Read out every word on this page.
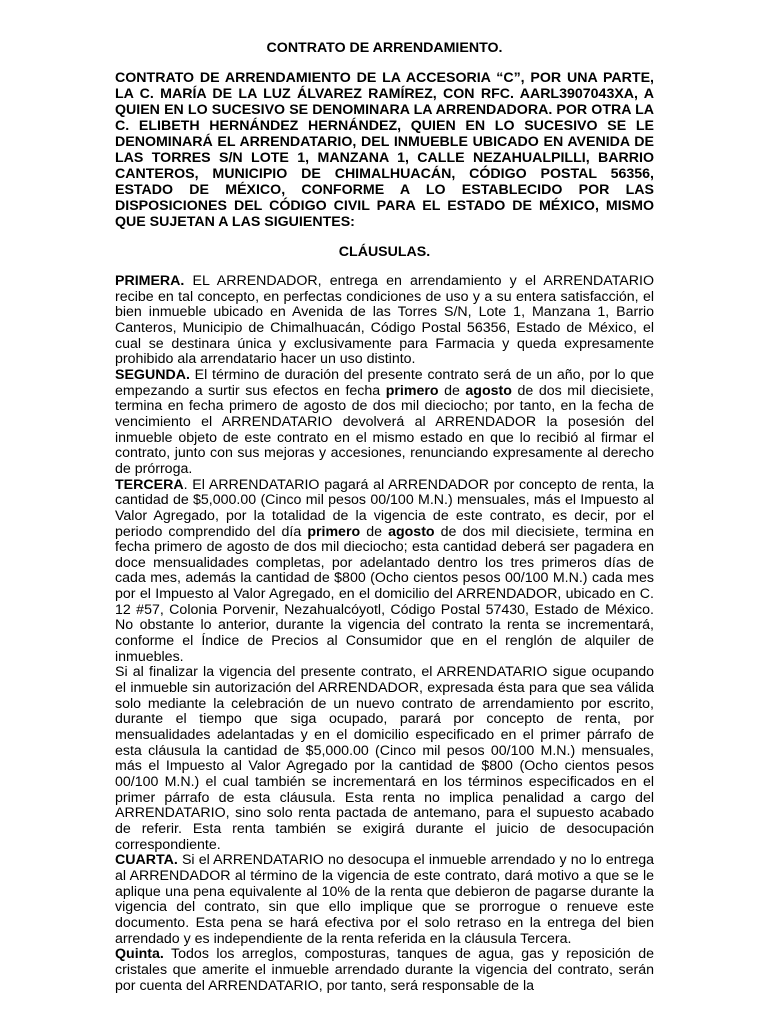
CONTRATO DE ARRENDAMIENTO.

CONTRATO DE ARRENDAMIENTO DE LA ACCESORIA “C”, POR UNA PARTE, LA C. MARÍA DE LA LUZ ÁLVAREZ RAMÍREZ, CON RFC. AARL3907043XA, A QUIEN EN LO SUCESIVO SE DENOMINARA LA ARRENDADORA. POR OTRA LA C. ELIBETH HERNÁNDEZ HERNÁNDEZ, QUIEN EN LO SUCESIVO SE LE DENOMINARÁ EL ARRENDATARIO, DEL INMUEBLE UBICADO EN AVENIDA DE LAS TORRES S/N LOTE 1, MANZANA 1, CALLE NEZAHUALPILLI, BARRIO CANTEROS, MUNICIPIO DE CHIMALHUACÁN, CÓDIGO POSTAL 56356, ESTADO DE MÉXICO, CONFORME A LO ESTABLECIDO POR LAS DISPOSICIONES DEL CÓDIGO CIVIL PARA EL ESTADO DE MÉXICO, MISMO QUE SUJETAN A LAS SIGUIENTES:
CLÁUSULAS.

PRIMERA. EL ARRENDADOR, entrega en arrendamiento y el ARRENDATARIO recibe en tal concepto, en perfectas condiciones de uso y a su entera satisfacción, el bien inmueble ubicado en Avenida de las Torres S/N, Lote 1, Manzana 1, Barrio Canteros, Municipio de Chimalhuacán, Código Postal 56356, Estado de México, el cual se destinara única y exclusivamente para Farmacia y queda expresamente prohibido ala arrendatario hacer un uso distinto.

SEGUNDA. El término de duración del presente contrato será de un año, por lo que empezando a surtir sus efectos en fecha primero de agosto de dos mil diecisiete, termina en fecha primero de agosto de dos mil dieciocho; por tanto, en la fecha de vencimiento el ARRENDATARIO devolverá al ARRENDADOR la posesión del inmueble objeto de este contrato en el mismo estado en que lo recibió al firmar el contrato, junto con sus mejoras y accesiones, renunciando expresamente al derecho de prórroga.

TERCERA. El ARRENDATARIO pagará al ARRENDADOR por concepto de renta, la cantidad de $5,000.00 (Cinco mil pesos 00/100 M.N.) mensuales, más el Impuesto al Valor Agregado, por la totalidad de la vigencia de este contrato, es decir, por el periodo comprendido del día primero de agosto de dos mil diecisiete, termina en fecha primero de agosto de dos mil dieciocho; esta cantidad deberá ser pagadera en doce mensualidades completas, por adelantado dentro los tres primeros días de cada mes, además la cantidad de $800 (Ocho cientos pesos 00/100 M.N.) cada mes por el Impuesto al Valor Agregado, en el domicilio del ARRENDADOR, ubicado en C. 12 #57, Colonia Porvenir, Nezahualcóyotl, Código Postal 57430, Estado de México. No obstante lo anterior, durante la vigencia del contrato la renta se incrementará, conforme el Índice de Precios al Consumidor que en el renglón de alquiler de inmuebles.

Si al finalizar la vigencia del presente contrato, el ARRENDATARIO sigue ocupando el inmueble sin autorización del ARRENDADOR, expresada ésta para que sea válida solo mediante la celebración de un nuevo contrato de arrendamiento por escrito, durante el tiempo que siga ocupado, parará por concepto de renta, por mensualidades adelantadas y en el domicilio especificado en el primer párrafo de esta cláusula la cantidad de $5,000.00 (Cinco mil pesos 00/100 M.N.) mensuales, más el Impuesto al Valor Agregado por la cantidad de $800 (Ocho cientos pesos 00/100 M.N.) el cual también se incrementará en los términos especificados en el primer párrafo de esta cláusula. Esta renta no implica penalidad a cargo del ARRENDATARIO, sino solo renta pactada de antemano, para el supuesto acabado de referir. Esta renta también se exigirá durante el juicio de desocupación correspondiente.

CUARTA. Si el ARRENDATARIO no desocupa el inmueble arrendado y no lo entrega al ARRENDADOR al término de la vigencia de este contrato, dará motivo a que se le aplique una pena equivalente al 10% de la renta que debieron de pagarse durante la vigencia del contrato, sin que ello implique que se prorrogue o renueve este documento. Esta pena se hará efectiva por el solo retraso en la entrega del bien arrendado y es independiente de la renta referida en la cláusula Tercera.

Quinta. Todos los arreglos, composturas, tanques de agua, gas y reposición de cristales que amerite el inmueble arrendado durante la vigencia del contrato, serán por cuenta del ARRENDATARIO, por tanto, será responsable de la
